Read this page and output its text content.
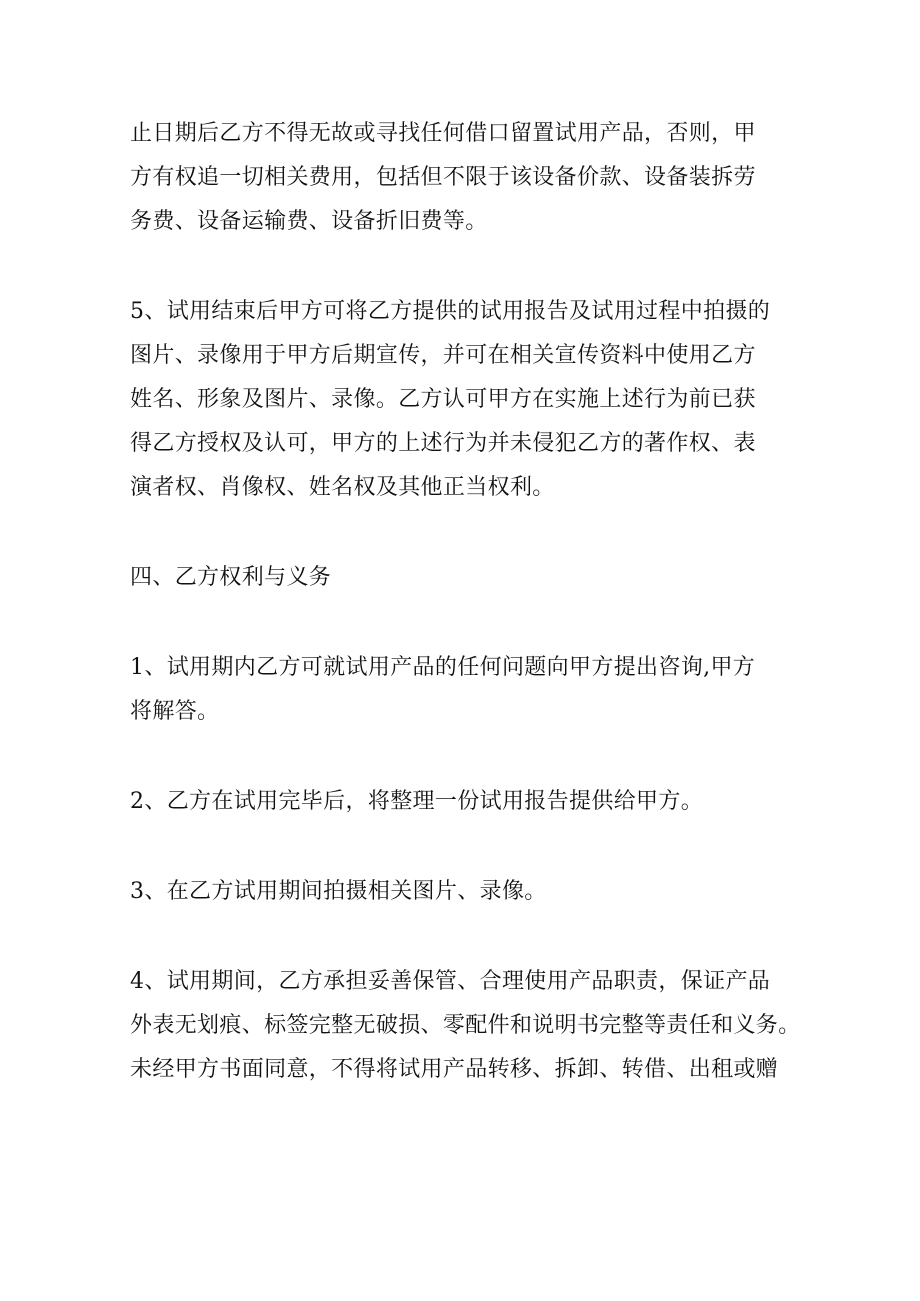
止日期后乙方不得无故或寻找任何借口留置试用产品，否则，甲
方有权追一切相关费用，包括但不限于该设备价款、设备装拆劳
务费、设备运输费、设备折旧费等。

5、试用结束后甲方可将乙方提供的试用报告及试用过程中拍摄的
图片、录像用于甲方后期宣传，并可在相关宣传资料中使用乙方
姓名、形象及图片、录像。乙方认可甲方在实施上述行为前已获
得乙方授权及认可，甲方的上述行为并未侵犯乙方的著作权、表
演者权、肖像权、姓名权及其他正当权利。

四、乙方权利与义务

1、试用期内乙方可就试用产品的任何问题向甲方提出咨询,甲方
将解答。

2、乙方在试用完毕后，将整理一份试用报告提供给甲方。

3、在乙方试用期间拍摄相关图片、录像。

4、试用期间，乙方承担妥善保管、合理使用产品职责，保证产品
外表无划痕、标签完整无破损、零配件和说明书完整等责任和义务。
未经甲方书面同意，不得将试用产品转移、拆卸、转借、出租或赠
